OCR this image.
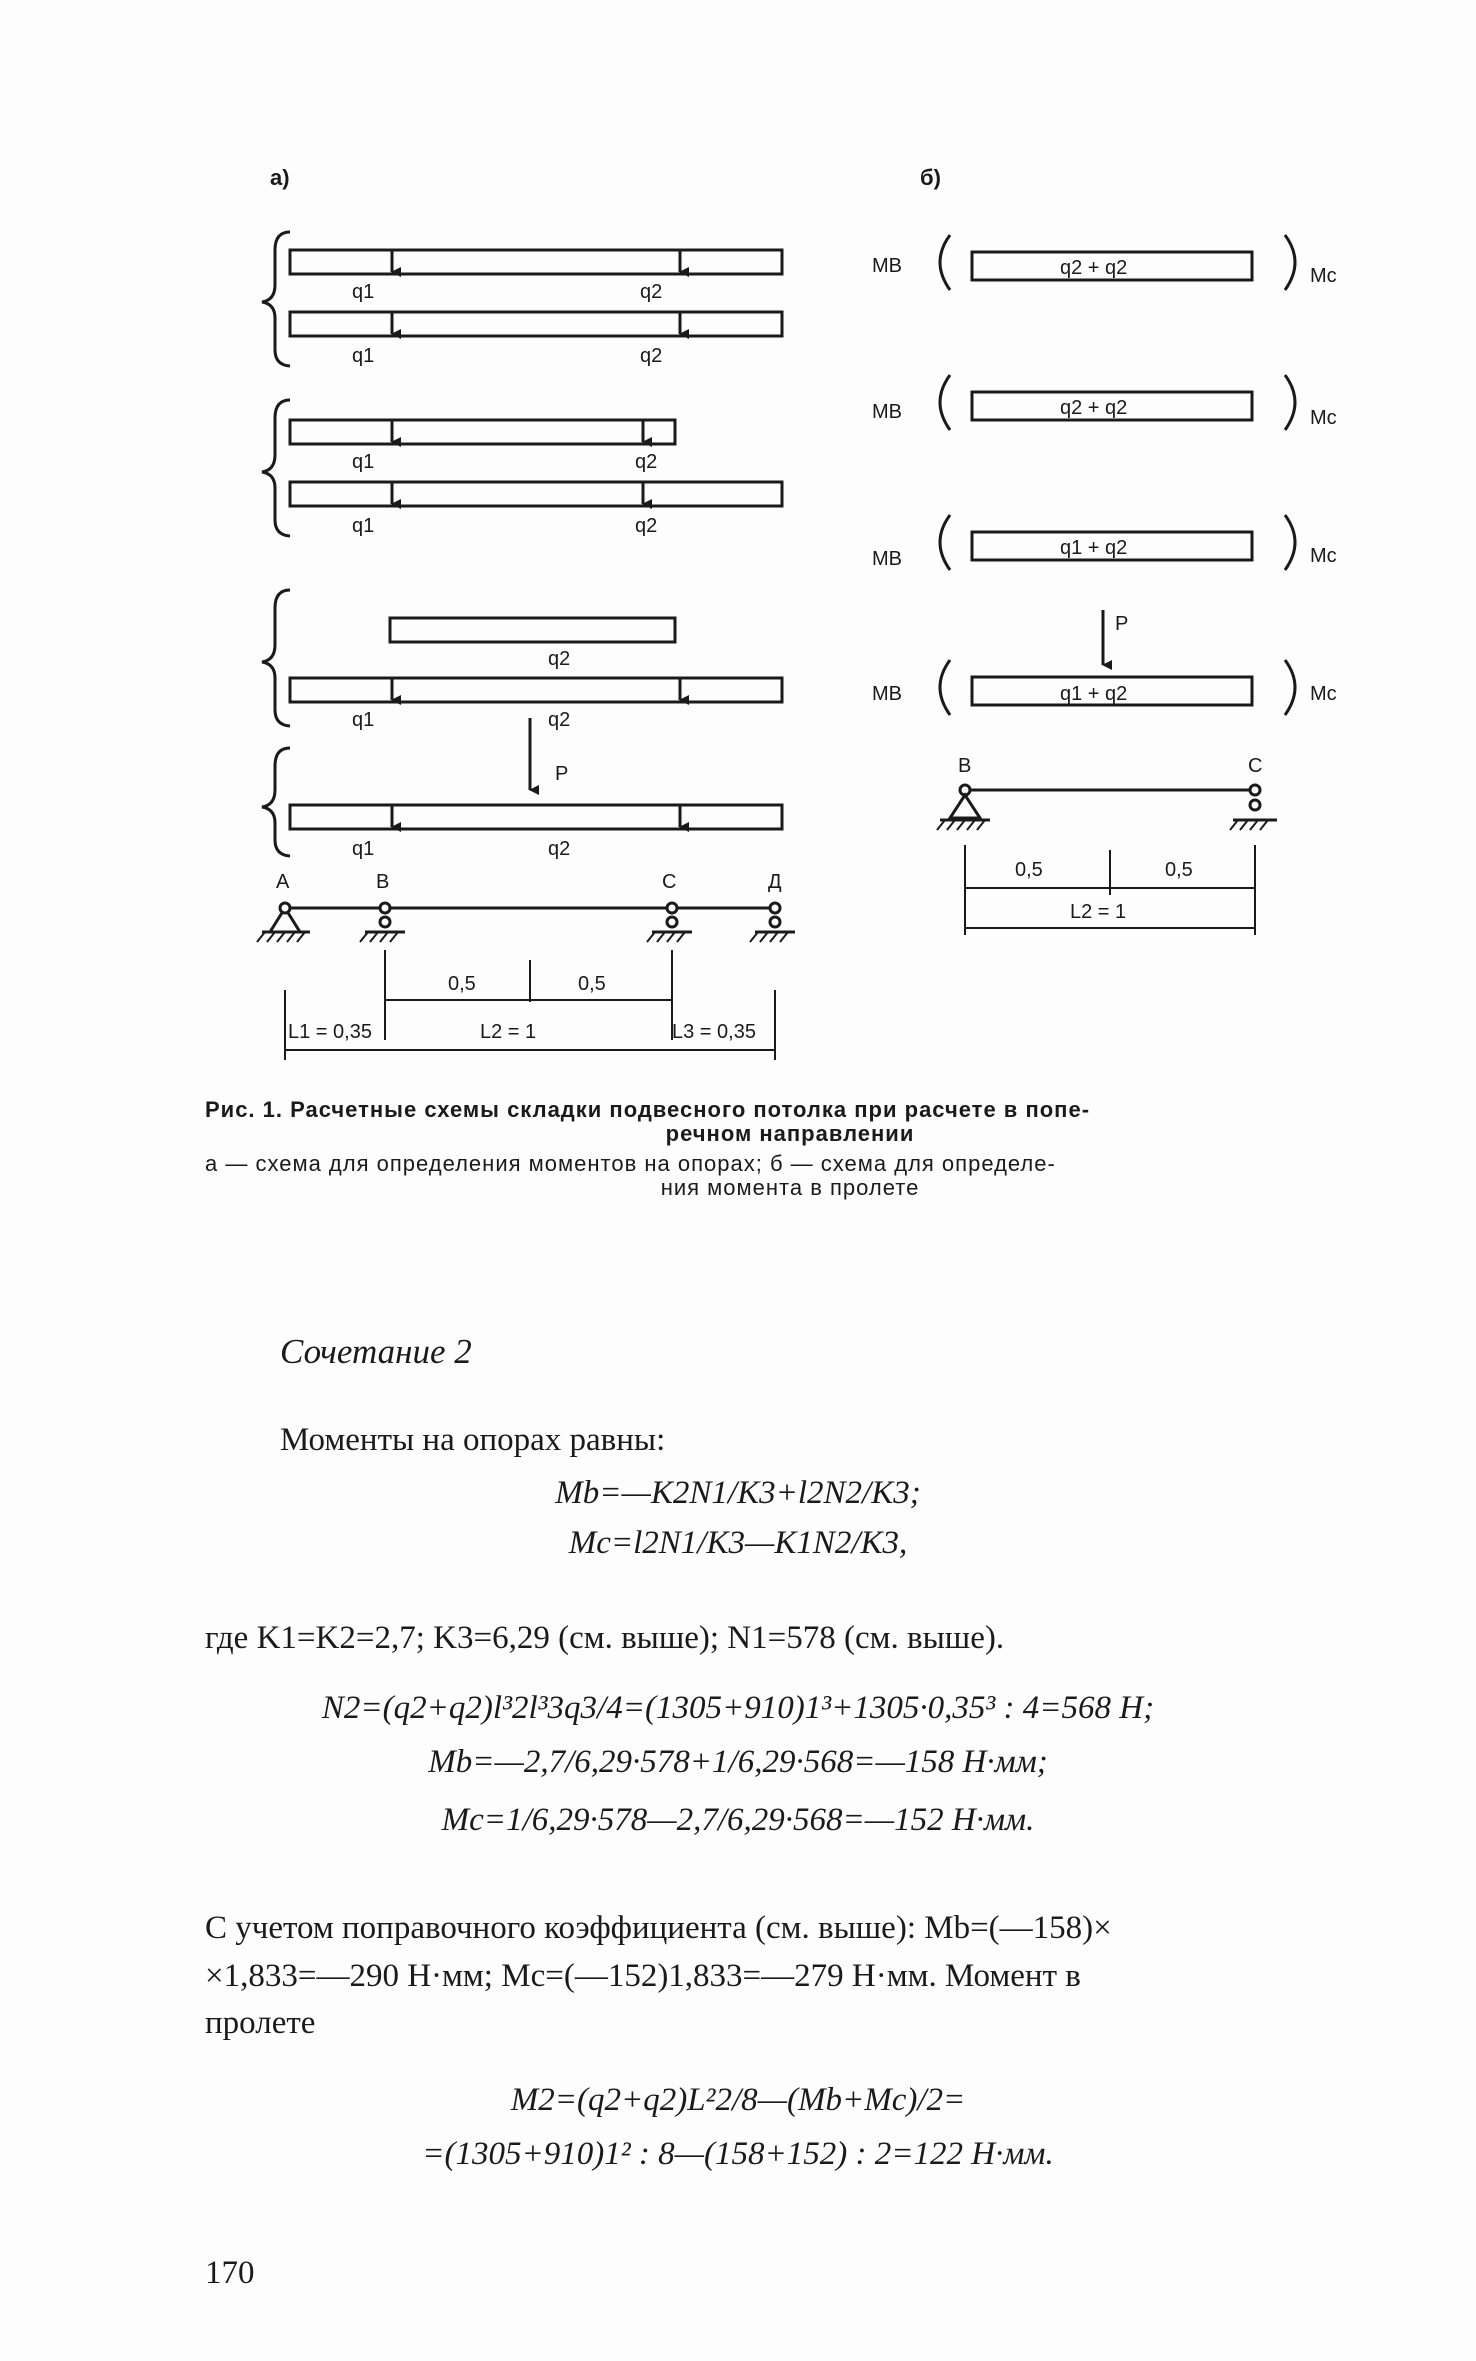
а)	б)
q1	q2
q1	q2
q1	q2
q1	q2
q2
q1	q2
P
q1	q2
А	В	С	Д
0,5	0,5
L1 = 0,35	L2 = 1	L3 = 0,35
MB	q2 + q2	Mc
MB	q2 + q2	Mc
MB	q1 + q2	Mc
P
MB	q1 + q2	Mc
В	С
0,5	0,5
L2 = 1
Рис. 1. Расчетные схемы складки подвесного потолка при расчете в попе-
речном направлении
а — схема для определения моментов на опорах; б — схема для определе-
ния момента в пролете
Сочетание 2
Моменты на опорах равны:
Mb=—K2N1/K3+l2N2/K3;
Mc=l2N1/K3—K1N2/K3,
где K1=K2=2,7; K3=6,29 (см. выше); N1=578 (см. выше).
N2=(q2+q2)l³2l³3q3/4=(1305+910)1³+1305·0,35³ : 4=568 Н;
Mb=—2,7/6,29·578+1/6,29·568=—158 Н·мм;
Mc=1/6,29·578—2,7/6,29·568=—152 Н·мм.
С учетом поправочного коэффициента (см. выше): Mb=(—158)×
×1,833=—290 Н·мм; Mc=(—152)1,833=—279 Н·мм. Момент в
пролете
M2=(q2+q2)L²2/8—(Mb+Mc)/2=
=(1305+910)1² : 8—(158+152) : 2=122 Н·мм.
170
